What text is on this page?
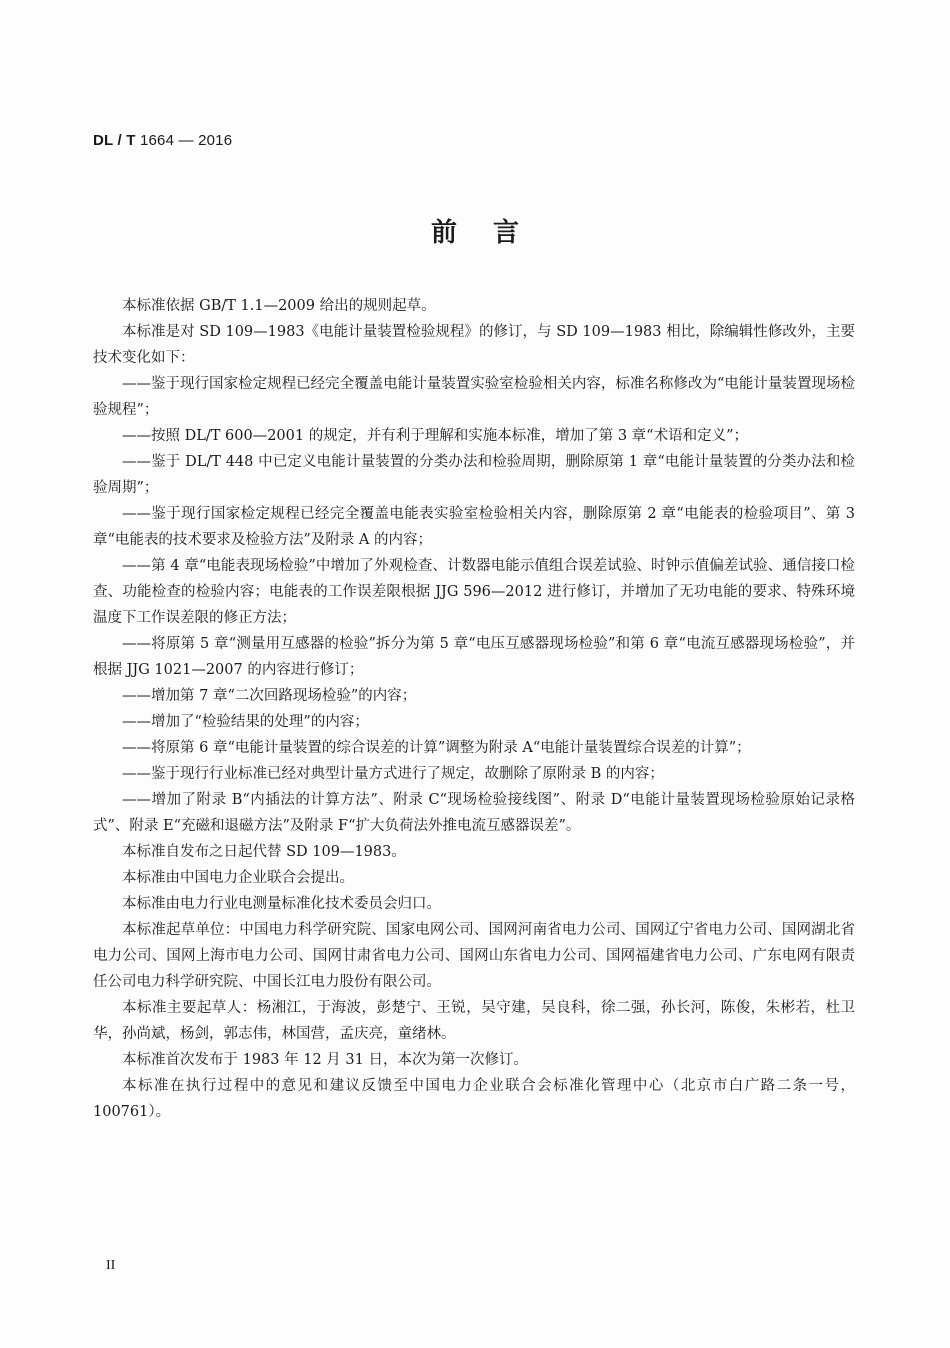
DL / T 1664 — 2016
前言

本标准依据 GB/T 1.1—2009 给出的规则起草。

本标准是对 SD 109—1983《电能计量装置检验规程》的修订，与 SD 109—1983 相比，除编辑性修改外，主要技术变化如下：

——鉴于现行国家检定规程已经完全覆盖电能计量装置实验室检验相关内容，标准名称修改为“电能计量装置现场检验规程”；

——按照 DL/T 600—2001 的规定，并有利于理解和实施本标准，增加了第 3 章“术语和定义”；

——鉴于 DL/T 448 中已定义电能计量装置的分类办法和检验周期，删除原第 1 章“电能计量装置的分类办法和检验周期”；

——鉴于现行国家检定规程已经完全覆盖电能表实验室检验相关内容，删除原第 2 章“电能表的检验项目”、第 3 章“电能表的技术要求及检验方法”及附录 A 的内容；

——第 4 章“电能表现场检验”中增加了外观检查、计数器电能示值组合误差试验、时钟示值偏差试验、通信接口检查、功能检查的检验内容；电能表的工作误差限根据 JJG 596—2012 进行修订，并增加了无功电能的要求、特殊环境温度下工作误差限的修正方法；

——将原第 5 章“测量用互感器的检验”拆分为第 5 章“电压互感器现场检验”和第 6 章“电流互感器现场检验”，并根据 JJG 1021—2007 的内容进行修订；

——增加第 7 章“二次回路现场检验”的内容；

——增加了“检验结果的处理”的内容；

——将原第 6 章“电能计量装置的综合误差的计算”调整为附录 A“电能计量装置综合误差的计算”；

——鉴于现行行业标准已经对典型计量方式进行了规定，故删除了原附录 B 的内容；

——增加了附录 B“内插法的计算方法”、附录 C“现场检验接线图”、附录 D“电能计量装置现场检验原始记录格式”、附录 E“充磁和退磁方法”及附录 F“扩大负荷法外推电流互感器误差”。

本标准自发布之日起代替 SD 109—1983。

本标准由中国电力企业联合会提出。

本标准由电力行业电测量标准化技术委员会归口。

本标准起草单位：中国电力科学研究院、国家电网公司、国网河南省电力公司、国网辽宁省电力公司、国网湖北省电力公司、国网上海市电力公司、国网甘肃省电力公司、国网山东省电力公司、国网福建省电力公司、广东电网有限责任公司电力科学研究院、中国长江电力股份有限公司。

本标准主要起草人：杨湘江，于海波，彭楚宁、王锐，吴守建，吴良科，徐二强，孙长河，陈俊，朱彬若，杜卫华，孙尚斌，杨剑，郭志伟，林国营，孟庆亮，童绪林。

本标准首次发布于 1983 年 12 月 31 日，本次为第一次修订。

本标准在执行过程中的意见和建议反馈至中国电力企业联合会标准化管理中心（北京市白广路二条一号，100761）。

II
